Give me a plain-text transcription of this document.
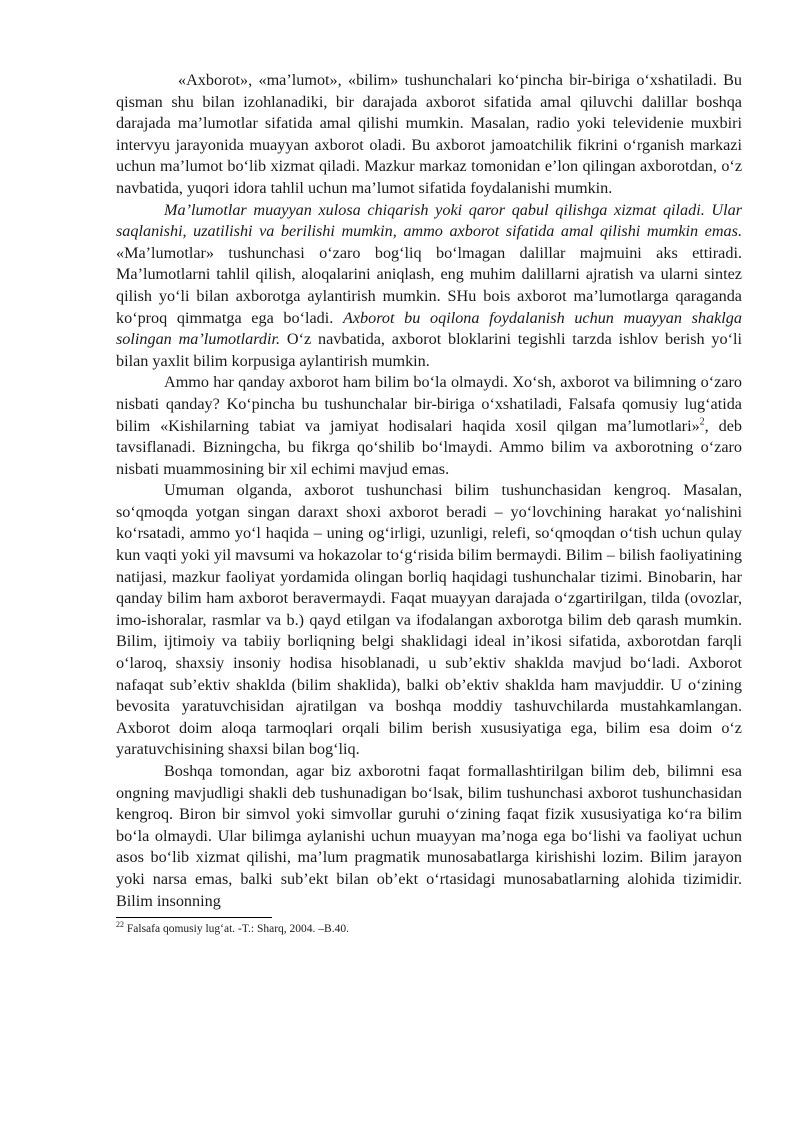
«Axborot», «ma’lumot», «bilim» tushunchalari ko‘pincha bir-biriga o‘xshatiladi. Bu qisman shu bilan izohlanadiki, bir darajada axborot sifatida amal qiluvchi dalillar boshqa darajada ma’lumotlar sifatida amal qilishi mumkin. Masalan, radio yoki televidenie muxbiri intervyu jarayonida muayyan axborot oladi. Bu axborot jamoatchilik fikrini o‘rganish markazi uchun ma’lumot bo‘lib xizmat qiladi. Mazkur markaz tomonidan e’lon qilingan axborotdan, o‘z navbatida, yuqori idora tahlil uchun ma’lumot sifatida foydalanishi mumkin.

Ma’lumotlar muayyan xulosa chiqarish yoki qaror qabul qilishga xizmat qiladi. Ular saqlanishi, uzatilishi va berilishi mumkin, ammo axborot sifatida amal qilishi mumkin emas. «Ma’lumotlar» tushunchasi o‘zaro bog‘liq bo‘lmagan dalillar majmuini aks ettiradi. Ma’lumotlarni tahlil qilish, aloqalarini aniqlash, eng muhim dalillarni ajratish va ularni sintez qilish yo‘li bilan axborotga aylantirish mumkin. SHu bois axborot ma’lumotlarga qaraganda ko‘proq qimmatga ega bo‘ladi. Axborot bu oqilona foydalanish uchun muayyan shaklga solingan ma’lumotlardir. O‘z navbatida, axborot bloklarini tegishli tarzda ishlov berish yo‘li bilan yaxlit bilim korpusiga aylantirish mumkin.

Ammo har qanday axborot ham bilim bo‘la olmaydi. Xo‘sh, axborot va bilimning o‘zaro nisbati qanday? Ko‘pincha bu tushunchalar bir-biriga o‘xshatiladi, Falsafa qomusiy lug‘atida bilim «Kishilarning tabiat va jamiyat hodisalari haqida xosil qilgan ma’lumotlari»$^2$, deb tavsiflanadi. Bizningcha, bu fikrga qo‘shilib bo‘lmaydi. Ammo bilim va axborotning o‘zaro nisbati muammosining bir xil echimi mavjud emas.

Umuman olganda, axborot tushunchasi bilim tushunchasidan kengroq. Masalan, so‘qmoqda yotgan singan daraxt shoxi axborot beradi – yo‘lovchining harakat yo‘nalishini ko‘rsatadi, ammo yo‘l haqida – uning og‘irligi, uzunligi, relefi, so‘qmoqdan o‘tish uchun qulay kun vaqti yoki yil mavsumi va hokazolar to‘g‘risida bilim bermaydi. Bilim – bilish faoliyatining natijasi, mazkur faoliyat yordamida olingan borliq haqidagi tushunchalar tizimi. Binobarin, har qanday bilim ham axborot beravermaydi. Faqat muayyan darajada o‘zgartirilgan, tilda (ovozlar, imo-ishoralar, rasmlar va b.) qayd etilgan va ifodalangan axborotga bilim deb qarash mumkin. Bilim, ijtimoiy va tabiiy borliqning belgi shaklidagi ideal in’ikosi sifatida, axborotdan farqli o‘laroq, shaxsiy insoniy hodisa hisoblanadi, u sub’ektiv shaklda mavjud bo‘ladi. Axborot nafaqat sub’ektiv shaklda (bilim shaklida), balki ob’ektiv shaklda ham mavjuddir. U o‘zining bevosita yaratuvchisidan ajratilgan va boshqa moddiy tashuvchilarda mustahkamlangan. Axborot doim aloqa tarmoqlari orqali bilim berish xususiyatiga ega, bilim esa doim o‘z yaratuvchisining shaxsi bilan bog‘liq.

Boshqa tomondan, agar biz axborotni faqat formallashtirilgan bilim deb, bilimni esa ongning mavjudligi shakli deb tushunadigan bo‘lsak, bilim tushunchasi axborot tushunchasidan kengroq. Biron bir simvol yoki simvollar guruhi o‘zining faqat fizik xususiyatiga ko‘ra bilim bo‘la olmaydi. Ular bilimga aylanishi uchun muayyan ma’noga ega bo‘lishi va faoliyat uchun asos bo‘lib xizmat qilishi, ma’lum pragmatik munosabatlarga kirishishi lozim. Bilim jarayon yoki narsa emas, balki sub’ekt bilan ob’ekt o‘rtasidagi munosabatlarning alohida tizimidir. Bilim insonning

$^{22}$ Falsafa qomusiy lug‘at. -T.: Sharq, 2004. –B.40.
